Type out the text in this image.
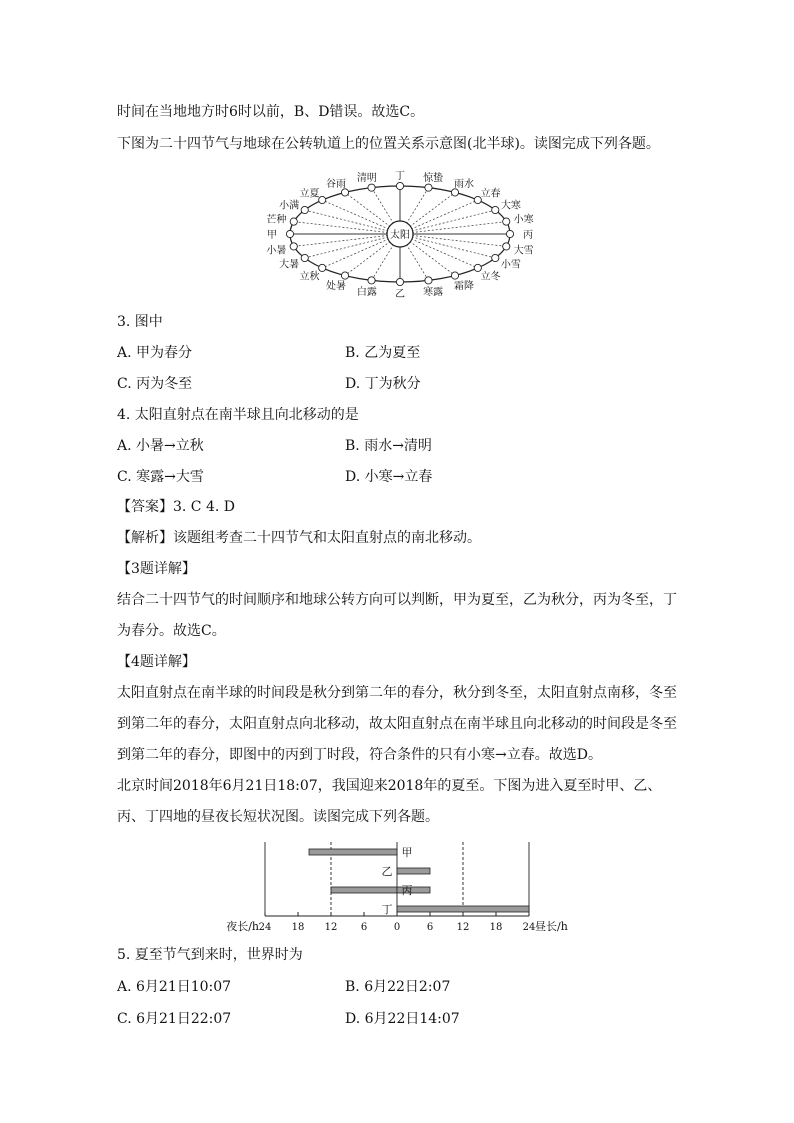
时间在当地地方时6时以前，B、D错误。故选C。
下图为二十四节气与地球在公转轨道上的位置关系示意图(北半球)。读图完成下列各题。
丁 惊蛰
雨水
立春
大寒
小寒
丙
大雪
小雪
立冬
霜降
寒露
乙
白露
处暑
立秋
大暑
小暑
甲
芒种
小满
立夏
谷雨
清明
太阳
3. 图中
A. 甲为春分	B. 乙为夏至
C. 丙为冬至	D. 丁为秋分
4. 太阳直射点在南半球且向北移动的是
A. 小暑→立秋	B. 雨水→清明
C. 寒露→大雪	D. 小寒→立春
【答案】3. C 4. D
【解析】该题组考查二十四节气和太阳直射点的南北移动。
【3题详解】
结合二十四节气的时间顺序和地球公转方向可以判断，甲为夏至，乙为秋分，丙为冬至，丁
为春分。故选C。
【4题详解】
太阳直射点在南半球的时间段是秋分到第二年的春分，秋分到冬至，太阳直射点南移，冬至
到第二年的春分，太阳直射点向北移动，故太阳直射点在南半球且向北移动的时间段是冬至
到第二年的春分，即图中的丙到丁时段，符合条件的只有小寒→立春。故选D。
北京时间2018年6月21日18:07，我国迎来2018年的夏至。下图为进入夏至时甲、乙、
丙、丁四地的昼夜长短状况图。读图完成下列各题。
24 18 12 6	0	6 12 18 24
夜长/h	昼长/h
甲
乙
丙
丁
5. 夏至节气到来时，世界时为
A. 6月21日10:07	B. 6月22日2:07
C. 6月21日22:07	D. 6月22日14:07
